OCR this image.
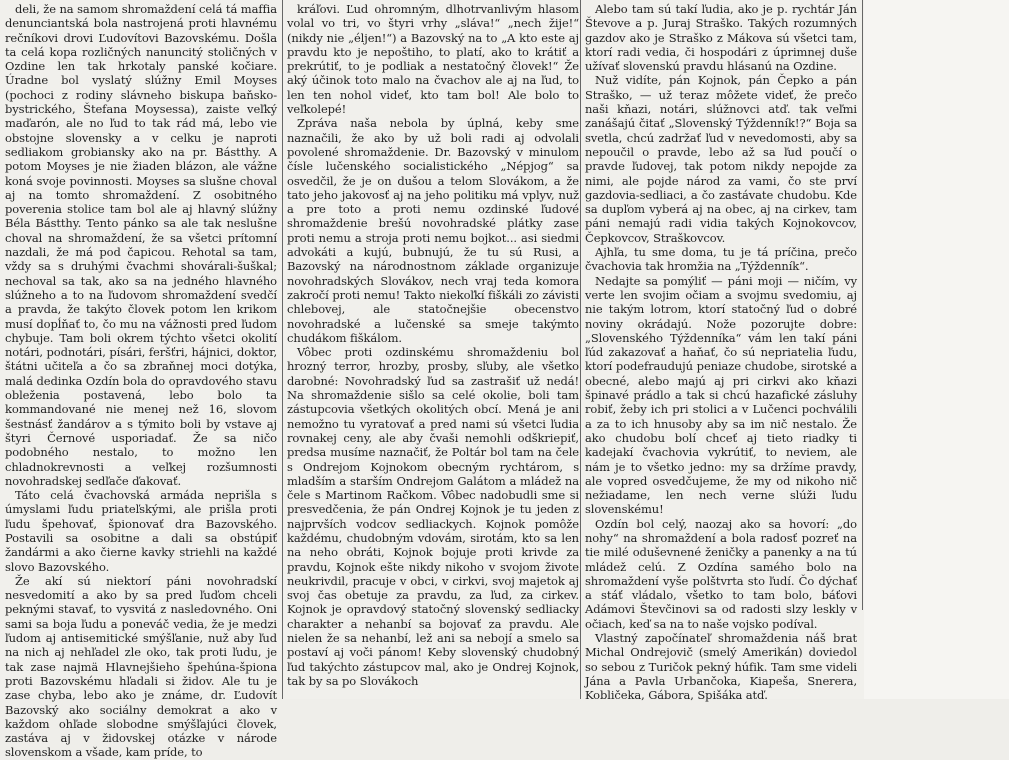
deli, že na samom shromaždení celá tá maffia denunciantská bola nastrojená proti hlavnému rečníkovi drovi Ľudovítovi Bazovskému. Došla ta celá kopa rozličných nanuncitý stoličných v Ozdine len tak hrkotaly panské kočiare. Úradne bol vyslatý slúžny Emil Moyses (pochoci z rodiny slávneho biskupa baňsko-bystrického, Štefana Moysessa), zaiste veľký maďarón, ale no ľud to tak rád má, lebo vie obstojne slovensky a v celku je naproti sedliakom grobiansky ako na pr. Bástthy. A potom Moyses je nie žiaden blázon, ale vážne koná svoje povinnosti. Moyses sa slušne choval aj na tomto shromaždení. Z osobitného poverenia stolice tam bol ale aj hlavný slúžny Béla Bástthy. Tento pánko sa ale tak neslušne choval na shromaždení, že sa všetci prítomní nazdali, že má pod čapicou. Rehotal sa tam, vždy sa s druhými čvachmi shovárali-šuškal; nechoval sa tak, ako sa na jedného hlavného slúžneho a to na ľudovom shromaždení svedčí a pravda, že takýto človek potom len krikom musí dopĺňať to, čo mu na vážnosti pred ľudom chybuje. Tam boli okrem týchto všetci okolití notári, podnotári, písári, feršťri, hájnici, doktor, štátni učiteľa a čo sa zbraňnej moci dotýka, malá dedinka Ozdín bola do opravdového stavu obleženia postavená, lebo bolo ta kommandované nie menej než 16, slovom šestnásť žandárov a s týmito boli by vstave aj štyri Černové usporiadať. Že sa ničo podobného nestalo, to možno len chladnokrevnosti a veľkej rozšumnosti novohradskej sedľače ďakovať.

Táto celá čvachovská armáda neprišla s úmyslami ľudu priateľskými, ale prišla proti ľudu špehovať, špionovať dra Bazovského. Postavili sa osobitne a dali sa obstúpiť žandármi a ako čierne kavky striehli na každé slovo Bazovského.

Že akí sú niektorí páni novohradskí nesvedomití a ako by sa pred ľuďom chceli peknými stavať, to vysvitá z nasledovného. Oni sami sa boja ľudu a poneváč vedia, že je medzi ľudom aj antisemitické smýšľanie, nuž aby ľud na nich aj nehľadel zle oko, tak proti ľudu, je tak zase najmä Hlavnejšieho špehúna-špiona proti Bazovskému hľadali si židov. Ale tu je zase chyba, lebo ako je známe, dr. Ľudovít Bazovský ako sociálny demokrat a ako v každom ohľade slobodne smýšľajúci človek, zastáva aj v židovskej otázke v národe slovenskom a všade, kam príde, to

kráľovi. Ľud ohromným, dlhotrvanlivým hlasom volal vo tri, vo štyri vrhy „sláva!“ „nech žije!“ (nikdy nie „éljen!“) a Bazovský na to „A kto este aj pravdu kto je nepoštiho, to platí, ako to krátiť a prekrútiť, to je podliak a nestatočný človek!“ Že aký účinok toto malo na čvachov ale aj na ľud, to len ten nohol videť, kto tam bol! Ale bolo to veľkolepé!

Zpráva naša nebola by úplná, keby sme naznačili, že ako by už boli radi aj odvolali povolené shromaždenie. Dr. Bazovský v minulom čísle lučenského socialistického „Népjog“ sa osvedčil, že je on dušou a telom Slovákom, a že tato jeho jakovosť aj na jeho politiku má vplyv, nuž a pre toto a proti nemu ozdinské ľudové shromaždenie brešú novohradské plátky zase proti nemu a stroja proti nemu bojkot... asi siedmi advokáti a kujú, bubnujú, že tu sú Rusi, a Bazovský na národnostnom základe organizuje novohradských Slovákov, nech vraj teda komora zakročí proti nemu! Takto niekoľkí fiškáli zo závisti chlebovej, ale statočnejšie obecenstvo novohradské a lučenské sa smeje takýmto chudákom fiškálom.

Vôbec proti ozdinskému shromaždeniu bol hrozný terror, hrozby, prosby, sľuby, ale všetko darobné: Novohradský ľud sa zastrašiť už nedá! Na shromaždenie sišlo sa celé okolie, boli tam zástupcovia všetkých okolitých obcí. Mená je ani nemožno tu vyratovať a pred nami sú všetci ľudia rovnakej ceny, ale aby čvaši nemohli odškriepiť, predsa musíme naznačiť, že Poltár bol tam na čele s Ondrejom Kojnokom obecným rychtárom, s mladším a starším Ondrejom Galátom a mládež na čele s Martinom Račkom. Vôbec nadobudli sme si presvedčenia, že pán Ondrej Kojnok je tu jeden z najprvších vodcov sedliackych. Kojnok pomôže každému, chudobným vdovám, sirotám, kto sa len na neho obráti, Kojnok bojuje proti krivde za pravdu, Kojnok ešte nikdy nikoho v svojom živote neukrivdil, pracuje v obci, v cirkvi, svoj majetok aj svoj čas obetuje za pravdu, za ľud, za cirkev. Kojnok je opravdový statočný slovenský sedliacky charakter a nehanbí sa bojovať za pravdu. Ale nielen že sa nehanbí, lež ani sa nebojí a smelo sa postaví aj voči pánom! Keby slovenský chudobný ľud takýchto zástupcov mal, ako je Ondrej Kojnok, tak by sa po Slovákoch

Alebo tam sú takí ľudia, ako je p. rychtár Ján Števove a p. Juraj Straško. Takých rozumných gazdov ako je Straško z Mákova sú všetci tam, ktorí radi vedia, či hospodári z úprimnej duše užívať slovenskú pravdu hlásanú na Ozdine.

Nuž vidíte, pán Kojnok, pán Čepko a pán Straško, — už teraz môžete videť, že prečo naši kňazi, notári, slúžnovci atď. tak veľmi zanášajú čitať „Slovenský Týždenník!?“ Boja sa svetla, chcú zadržať ľud v nevedomosti, aby sa nepoučil o pravde, lebo až sa ľud poučí o pravde ľudovej, tak potom nikdy nepojde za nimi, ale pojde národ za vami, čo ste prví gazdovia-sedliaci, a čo zastávate chudobu. Kde sa dupľom vyberá aj na obec, aj na cirkev, tam páni nemajú radi vidia takých Kojnokovcov, Čepkovcov, Straškovcov.

Ajhľa, tu sme doma, tu je tá príčina, prečo čvachovia tak hromžia na „Týždenník“.

Nedajte sa pomýliť — páni moji — ničím, vy verte len svojim očiam a svojmu svedomiu, aj nie takým lotrom, ktorí statočný ľud o dobré noviny okrádajú. Nože pozorujte dobre: „Slovenského Týždenníka“ vám len takí páni ľúd zakazovať a haňať, čo sú nepriatelia ľudu, ktorí podefraudujú peniaze chudobe, sirotské a obecné, alebo majú aj pri cirkvi ako kňazi špinavé prádlo a tak si chcú hazafické zásluhy robiť, žeby ich pri stolici a v Lučenci pochválili a za to ich hnusoby aby sa im nič nestalo. Že ako chudobu bolí chceť aj tieto riadky ti kadejakí čvachovia vykrútiť, to neviem, ale nám je to všetko jedno: my sa držíme pravdy, ale vopred osvedčujeme, že my od nikoho nič nežiadame, len nech verne slúži ľudu slovenskému!

Ozdín bol celý, naozaj ako sa hovorí: „do nohy“ na shromaždení a bola radosť pozreť na tie milé oduševnené ženičky a panenky a na tú mládež celú. Z Ozdína samého bolo na shromaždení vyše polštvrta sto ľudí. Čo dýchať a stáť vládalo, všetko to tam bolo, báťovi Adámovi Števčinovi sa od radosti slzy leskly v očiach, keď sa na to naše vojsko podíval.

Vlastný započínateľ shromaždenia náš brat Michal Ondrejovič (smelý Amerikán) doviedol so sebou z Turičok pekný húfik. Tam sme videli Jána a Pavla Urbančoka, Kiapeša, Snerera, Kobličeka, Gábora, Spišáka atď.
